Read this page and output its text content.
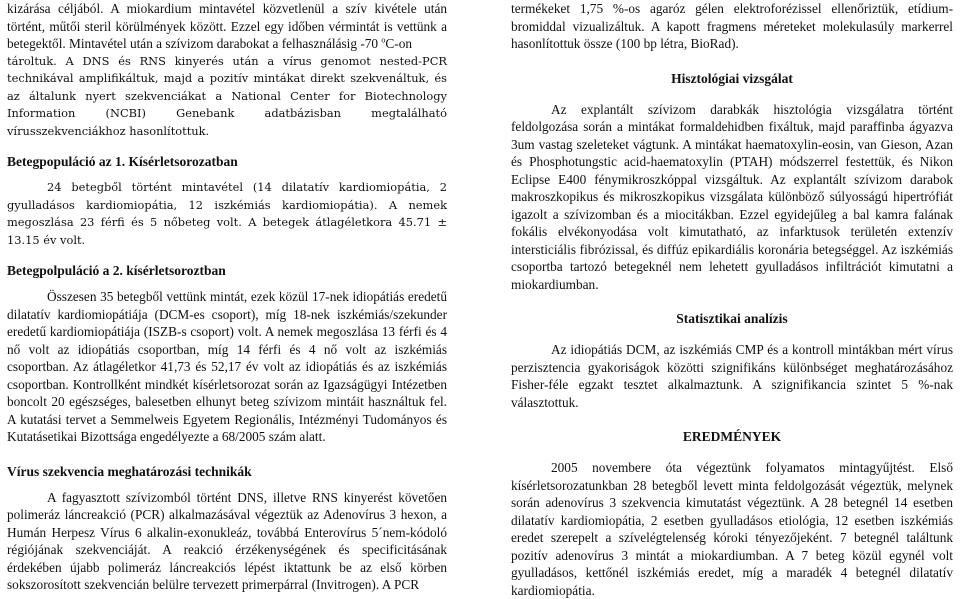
kizárása céljából. A miokardium mintavétel közvetlenül a szív kivétele után történt, műtői steril körülmények között. Ezzel egy időben vérmintát is vettünk a betegektől. Mintavétel után a szívizom darabokat a felhasználásig -70 $^o$C-on

tároltuk. A DNS és RNS kinyerés után a vírus genomot nested-PCR technikával amplifikáltuk, majd a pozitív mintákat direkt szekvenáltuk, és az általunk nyert szekvenciákat a National Center for Biotechnology Information (NCBI) Genebank adatbázisban megtalálható vírusszekvenciákhoz hasonlítottuk.

Betegpopuláció az 1. Kísérletsorozatban

24 betegből történt mintavétel (14 dilatatív kardiomiopátia, 2 gyulladásos kardiomiopátia, 12 iszkémiás kardiomiopátia). A nemek megoszlása 23 férfi és 5 nőbeteg volt. A betegek átlagéletkora 45.71 ± 13.15 év volt.

Betegpolpuláció a 2. kísérletsoroztban

Összesen 35 betegből vettünk mintát, ezek közül 17-nek idiopátiás eredetű dilatatív kardiomiopátiája (DCM-es csoport), míg 18-nek iszkémiás/szekunder eredetű kardiomiopátiája (ISZB-s csoport) volt. A nemek megoszlása 13 férfi és 4 nő volt az idiopátiás csoportban, míg 14 férfi és 4 nő volt az iszkémiás csoportban. Az átlagéletkor 41,73 és 52,17 év volt az idiopátiás és az iszkémiás csoportban. Kontrollként mindkét kísérletsorozat során az Igazságügyi Intézetben boncolt 20 egészséges, balesetben elhunyt beteg szívizom mintáit használtuk fel. A kutatási tervet a Semmelweis Egyetem Regionális, Intézményi Tudományos és Kutatásetikai Bizottsága engedélyezte a 68/2005 szám alatt.

Vírus szekvencia meghatározási technikák

A fagyasztott szívizomból történt DNS, illetve RNS kinyerést követően polimeráz láncreakció (PCR) alkalmazásával végeztük az Adenovírus 3 hexon, a Humán Herpesz Vírus 6 alkalin-exonukleáz, továbbá Enterovírus 5´nem-kódoló régiójának szekvenciáját. A reakció érzékenységének és specificitásának érdekében újabb polimeráz láncreakciós lépést iktattunk be az első körben sokszorosított szekvencián belülre tervezett primerpárral (Invitrogen). A PCR

termékeket 1,75 %-os agaróz gélen elektroforézissel ellenőriztük, etídium-bromiddal vizualizáltuk. A kapott fragmens méreteket molekulasúly markerrel hasonlítottuk össze (100 bp létra, BioRad).

Hisztológiai vizsgálat

Az explantált szívizom darabkák hisztológia vizsgálatra történt feldolgozása során a mintákat formaldehidben fixáltuk, majd paraffinba ágyazva 3um vastag szeleteket vágtunk. A mintákat haematoxylin-eosin, van Gieson, Azan és Phosphotungstic acid-haematoxylin (PTAH) módszerrel festettük, és Nikon Eclipse E400 fénymikroszkóppal vizsgáltuk. Az explantált szívizom darabok makroszkopikus és mikroszkopikus vizsgálata különböző súlyosságú hipertrófiát igazolt a szívizomban és a miocitákban. Ezzel egyidejűleg a bal kamra falának fokális elvékonyodása volt kimutatható, az infarktusok területén extenzív intersticiális fibrózissal, és diffúz epikardiális koronária betegséggel. Az iszkémiás csoportba tartozó betegeknél nem lehetett gyulladásos infiltrációt kimutatni a miokardiumban.

Statisztikai analízis

Az idiopátiás DCM, az iszkémiás CMP és a kontroll mintákban mért vírus perzisztencia gyakoriságok közötti szignifikáns különbséget meghatározásához Fisher-féle egzakt tesztet alkalmaztunk. A szignifikancia szintet 5 %-nak választottuk.

EREDMÉNYEK

2005 novembere óta végeztünk folyamatos mintagyűjtést. Első kísérletsorozatunkban 28 betegből levett minta feldolgozását végeztük, melynek során adenovírus 3 szekvencia kimutatást végeztünk. A 28 betegnél 14 esetben dilatatív kardiomiopátia, 2 esetben gyulladásos etiológia, 12 esetben iszkémiás eredet szerepelt a szívelégtelenség kóroki tényezőjeként. 7 betegnél találtunk pozitív adenovírus 3 mintát a miokardiumban. A 7 beteg közül egynél volt gyulladásos, kettőnél iszkémiás eredet, míg a maradék 4 betegnél dilatatív kardiomiopátia.
